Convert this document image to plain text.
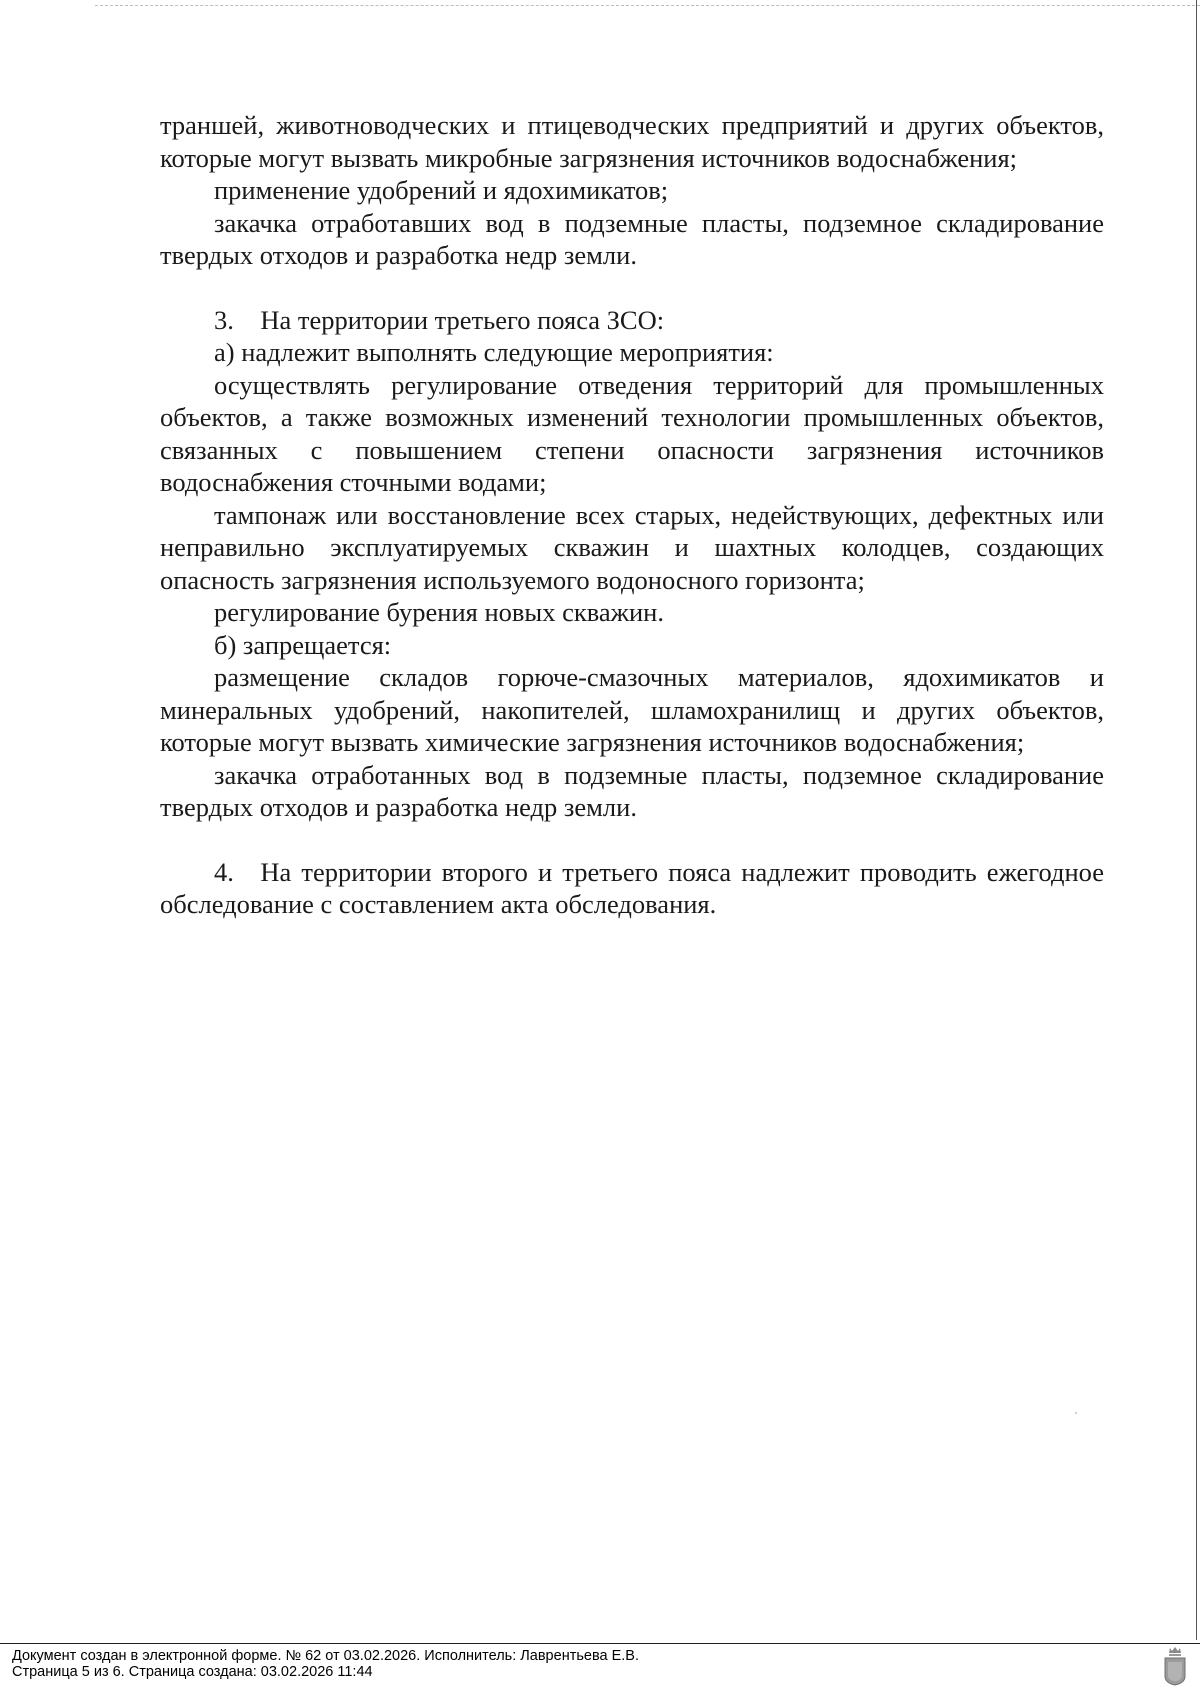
траншей, животноводческих и птицеводческих предприятий и других объектов, которые могут вызвать микробные загрязнения источников водоснабжения;

применение удобрений и ядохимикатов;

закачка отработавших вод в подземные пласты, подземное складирование твердых отходов и разработка недр земли.

3. На территории третьего пояса ЗСО:

а) надлежит выполнять следующие мероприятия:

осуществлять регулирование отведения территорий для промышленных объектов, а также возможных изменений технологии промышленных объектов, связанных с повышением степени опасности загрязнения источников водоснабжения сточными водами;

тампонаж или восстановление всех старых, недействующих, дефектных или неправильно эксплуатируемых скважин и шахтных колодцев, создающих опасность загрязнения используемого водоносного горизонта;

регулирование бурения новых скважин.

б) запрещается:

размещение складов горюче-смазочных материалов, ядохимикатов и минеральных удобрений, накопителей, шламохранилищ и других объектов, которые могут вызвать химические загрязнения источников водоснабжения;

закачка отработанных вод в подземные пласты, подземное складирование твердых отходов и разработка недр земли.

4. На территории второго и третьего пояса надлежит проводить ежегодное обследование с составлением акта обследования.

Документ создан в электронной форме. № 62 от 03.02.2026. Исполнитель: Лаврентьева Е.В.
Страница 5 из 6. Страница создана: 03.02.2026 11:44
